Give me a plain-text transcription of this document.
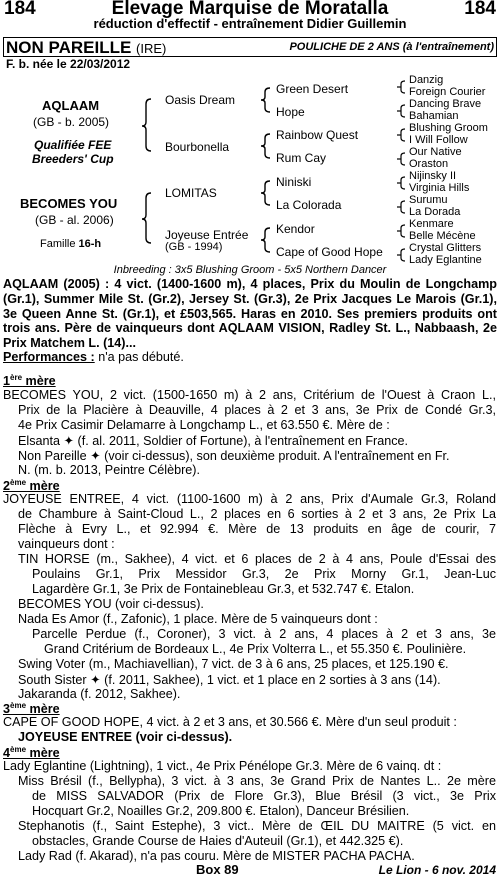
184	Elevage Marquise de Moratalla	184
réduction d'effectif - entraînement Didier Guillemin
NON PAREILLE (IRE)	POULICHE DE 2 ANS (à l'entraînement)
F. b. née le 22/03/2012
AQLAAM
(GB - b. 2005)
Qualifiée FEE
Breeders' Cup
BECOMES YOU
(GB - al. 2006)
Famille 16-h
Oasis Dream
Bourbonella
LOMITAS
Joyeuse Entrée
(GB - 1994)
Green Desert
Hope
Rainbow Quest
Rum Cay
Niniski
La Colorada
Kendor
Cape of Good Hope
Danzig
Foreign Courier
Dancing Brave
Bahamian
Blushing Groom
I Will Follow
Our Native
Oraston
Nijinsky II
Virginia Hills
Surumu
La Dorada
Kenmare
Belle Mécène
Crystal Glitters
Lady Eglantine
Inbreeding : 3x5 Blushing Groom - 5x5 Northern Dancer
AQLAAM (2005) : 4 vict. (1400-1600 m), 4 places, Prix du Moulin de Longchamp (Gr.1), Summer Mile St. (Gr.2), Jersey St. (Gr.3), 2e Prix Jacques Le Marois (Gr.1), 3e Queen Anne St. (Gr.1), et £503,565. Haras en 2010. Ses premiers produits ont trois ans. Père de vainqueurs dont AQLAAM VISION, Radley St. L., Nabbaash, 2e Prix Matchem L. (14)...
Performances : n'a pas débuté.
1ère mère
BECOMES YOU, 2 vict. (1500-1650 m) à 2 ans, Critérium de l'Ouest à Craon L.,
Prix de la Placière à Deauville, 4 places à 2 et 3 ans, 3e Prix de Condé Gr.3,
4e Prix Casimir Delamarre à Longchamp L., et 63.550 €. Mère de :
Elsanta ✦ (f. al. 2011, Soldier of Fortune), à l'entraînement en France.
Non Pareille ✦ (voir ci-dessus), son deuxième produit. A l'entraînement en Fr.
N. (m. b. 2013, Peintre Célèbre).
2ème mère
JOYEUSE ENTREE, 4 vict. (1100-1600 m) à 2 ans, Prix d'Aumale Gr.3, Roland
de Chambure à Saint-Cloud L., 2 places en 6 sorties à 2 et 3 ans, 2e Prix La
Flèche à Evry L., et 92.994 €. Mère de 13 produits en âge de courir, 7
vainqueurs dont :
TIN HORSE (m., Sakhee), 4 vict. et 6 places de 2 à 4 ans, Poule d'Essai des
Poulains Gr.1, Prix Messidor Gr.3, 2e Prix Morny Gr.1, Jean-Luc
Lagardère Gr.1, 3e Prix de Fontainebleau Gr.3, et 532.747 €. Etalon.
BECOMES YOU (voir ci-dessus).
Nada Es Amor (f., Zafonic), 1 place. Mère de 5 vainqueurs dont :
Parcelle Perdue (f., Coroner), 3 vict. à 2 ans, 4 places à 2 et 3 ans, 3e
Grand Critérium de Bordeaux L., 4e Prix Volterra L., et 55.350 €. Poulinière.
Swing Voter (m., Machiavellian), 7 vict. de 3 à 6 ans, 25 places, et 125.190 €.
South Sister ✦ (f. 2011, Sakhee), 1 vict. et 1 place en 2 sorties à 3 ans (14).
Jakaranda (f. 2012, Sakhee).
3ème mère
CAPE OF GOOD HOPE, 4 vict. à 2 et 3 ans, et 30.566 €. Mère d'un seul produit :
JOYEUSE ENTREE (voir ci-dessus).
4ème mère
Lady Eglantine (Lightning), 1 vict., 4e Prix Pénélope Gr.3. Mère de 6 vainq. dt :
Miss Brésil (f., Bellypha), 3 vict. à 3 ans, 3e Grand Prix de Nantes L.. 2e mère
de MISS SALVADOR (Prix de Flore Gr.3), Blue Brésil (3 vict., 3e Prix
Hocquart Gr.2, Noailles Gr.2, 209.800 €. Etalon), Danceur Brésilien.
Stephanotis (f., Saint Estephe), 3 vict.. Mère de ŒIL DU MAITRE (5 vict. en
obstacles, Grande Course de Haies d'Auteuil (Gr.1), et 442.325 €).
Lady Rad (f. Akarad), n'a pas couru. Mère de MISTER PACHA PACHA.
Box 89	Le Lion - 6 nov. 2014
